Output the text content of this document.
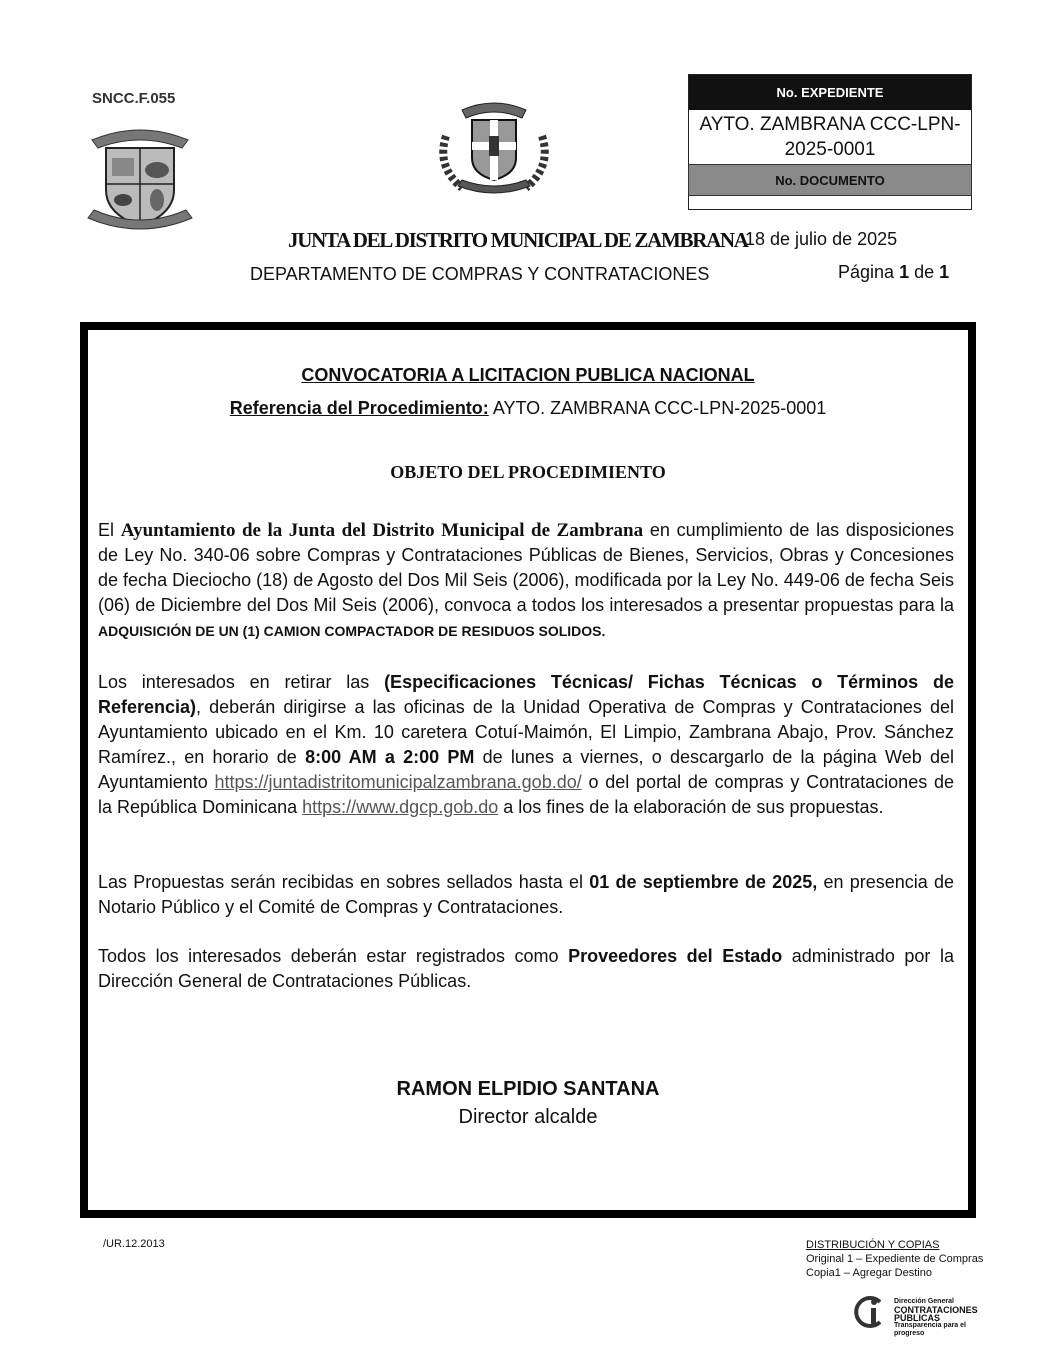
SNCC.F.055	No. EXPEDIENTE
AYTO. ZAMBRANA CCC-LPN-2025-0001
No. DOCUMENTO
JUNTA DEL DISTRITO MUNICIPAL DE ZAMBRANA
DEPARTAMENTO DE COMPRAS Y CONTRATACIONES
18 de julio de 2025
Página 1 de 1
CONVOCATORIA A LICITACION PUBLICA NACIONAL
Referencia del Procedimiento: AYTO. ZAMBRANA CCC-LPN-2025-0001
OBJETO DEL PROCEDIMIENTO
El Ayuntamiento de la Junta del Distrito Municipal de Zambrana en cumplimiento de las disposiciones de Ley No. 340-06 sobre Compras y Contrataciones Públicas de Bienes, Servicios, Obras y Concesiones de fecha Dieciocho (18) de Agosto del Dos Mil Seis (2006), modificada por la Ley No. 449-06 de fecha Seis (06) de Diciembre del Dos Mil Seis (2006), convoca a todos los interesados a presentar propuestas para la ADQUISICIÓN DE UN (1) CAMION COMPACTADOR DE RESIDUOS SOLIDOS.
Los interesados en retirar las (Especificaciones Técnicas/ Fichas Técnicas o Términos de Referencia), deberán dirigirse a las oficinas de la Unidad Operativa de Compras y Contrataciones del Ayuntamiento ubicado en el Km. 10 caretera Cotuí-Maimón, El Limpio, Zambrana Abajo, Prov. Sánchez Ramírez., en horario de 8:00 AM a 2:00 PM de lunes a viernes, o descargarlo de la página Web del Ayuntamiento https://juntadistritomunicipalzambrana.gob.do/ o del portal de compras y Contrataciones de la República Dominicana https://www.dgcp.gob.do a los fines de la elaboración de sus propuestas.
Las Propuestas serán recibidas en sobres sellados hasta el 01 de septiembre de 2025, en presencia de Notario Público y el Comité de Compras y Contrataciones.
Todos los interesados deberán estar registrados como Proveedores del Estado administrado por la Dirección General de Contrataciones Públicas.
RAMON ELPIDIO SANTANA
Director alcalde
/UR.12.2013	DISTRIBUCIÓN Y COPIAS
Original 1 – Expediente de Compras
Copia1 – Agregar Destino
Dirección General
CONTRATACIONES
PÚBLICAS
Transparencia para el progreso
